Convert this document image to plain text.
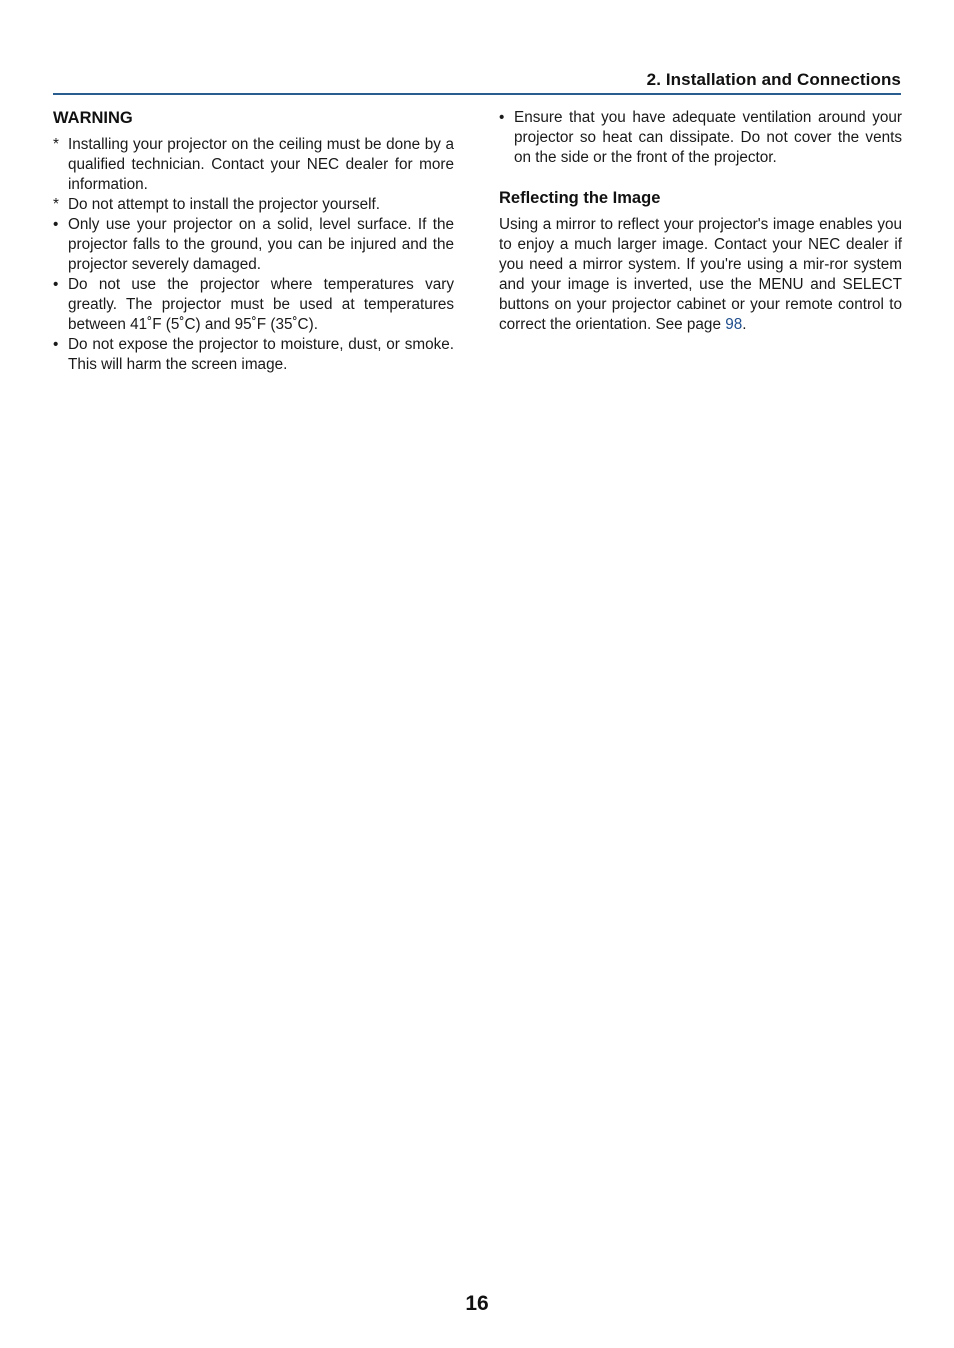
2. Installation and Connections
WARNING
* Installing your projector on the ceiling must be done by a qualified technician. Contact your NEC dealer for more information.
* Do not attempt to install the projector yourself.
• Only use your projector on a solid, level surface. If the projector falls to the ground, you can be injured and the projector severely damaged.
• Do not use the projector where temperatures vary greatly. The projector must be used at temperatures between 41˚F (5˚C) and 95˚F (35˚C).
• Do not expose the projector to moisture, dust, or smoke. This will harm the screen image.
• Ensure that you have adequate ventilation around your projector so heat can dissipate. Do not cover the vents on the side or the front of the projector.
Reflecting the Image

Using a mirror to reflect your projector's image enables you to enjoy a much larger image. Contact your NEC dealer if you need a mirror system. If you're using a mir-ror system and your image is inverted, use the MENU and SELECT buttons on your projector cabinet or your remote control to correct the orientation. See page 98.

16
